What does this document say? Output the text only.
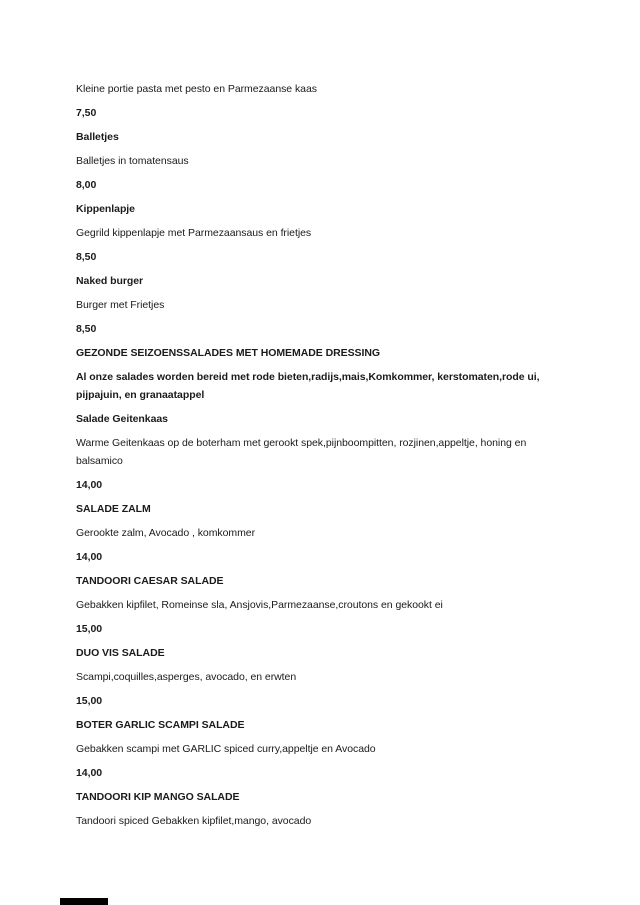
Kleine portie pasta met pesto en Parmezaanse kaas

7,50

Balletjes

Balletjes in tomatensaus

8,00

Kippenlapje

Gegrild kippenlapje met Parmezaansaus en frietjes

8,50

Naked burger

Burger met Frietjes

8,50

GEZONDE SEIZOENSSALADES MET HOMEMADE DRESSING

Al onze salades worden bereid met rode bieten,radijs,mais,Komkommer, kerstomaten,rode ui, pijpajuin, en granaatappel

Salade Geitenkaas

Warme Geitenkaas op de boterham met gerookt spek,pijnboompitten, rozjinen,appeltje, honing en balsamico

14,00

SALADE ZALM

Gerookte zalm, Avocado , komkommer

14,00

TANDOORI CAESAR SALADE

Gebakken kipfilet, Romeinse sla, Ansjovis,Parmezaanse,croutons en gekookt ei

15,00

DUO VIS SALADE

Scampi,coquilles,asperges, avocado, en erwten

15,00

BOTER GARLIC SCAMPI SALADE

Gebakken scampi met GARLIC spiced curry,appeltje en Avocado

14,00

TANDOORI KIP MANGO SALADE

Tandoori spiced Gebakken kipfilet,mango, avocado
